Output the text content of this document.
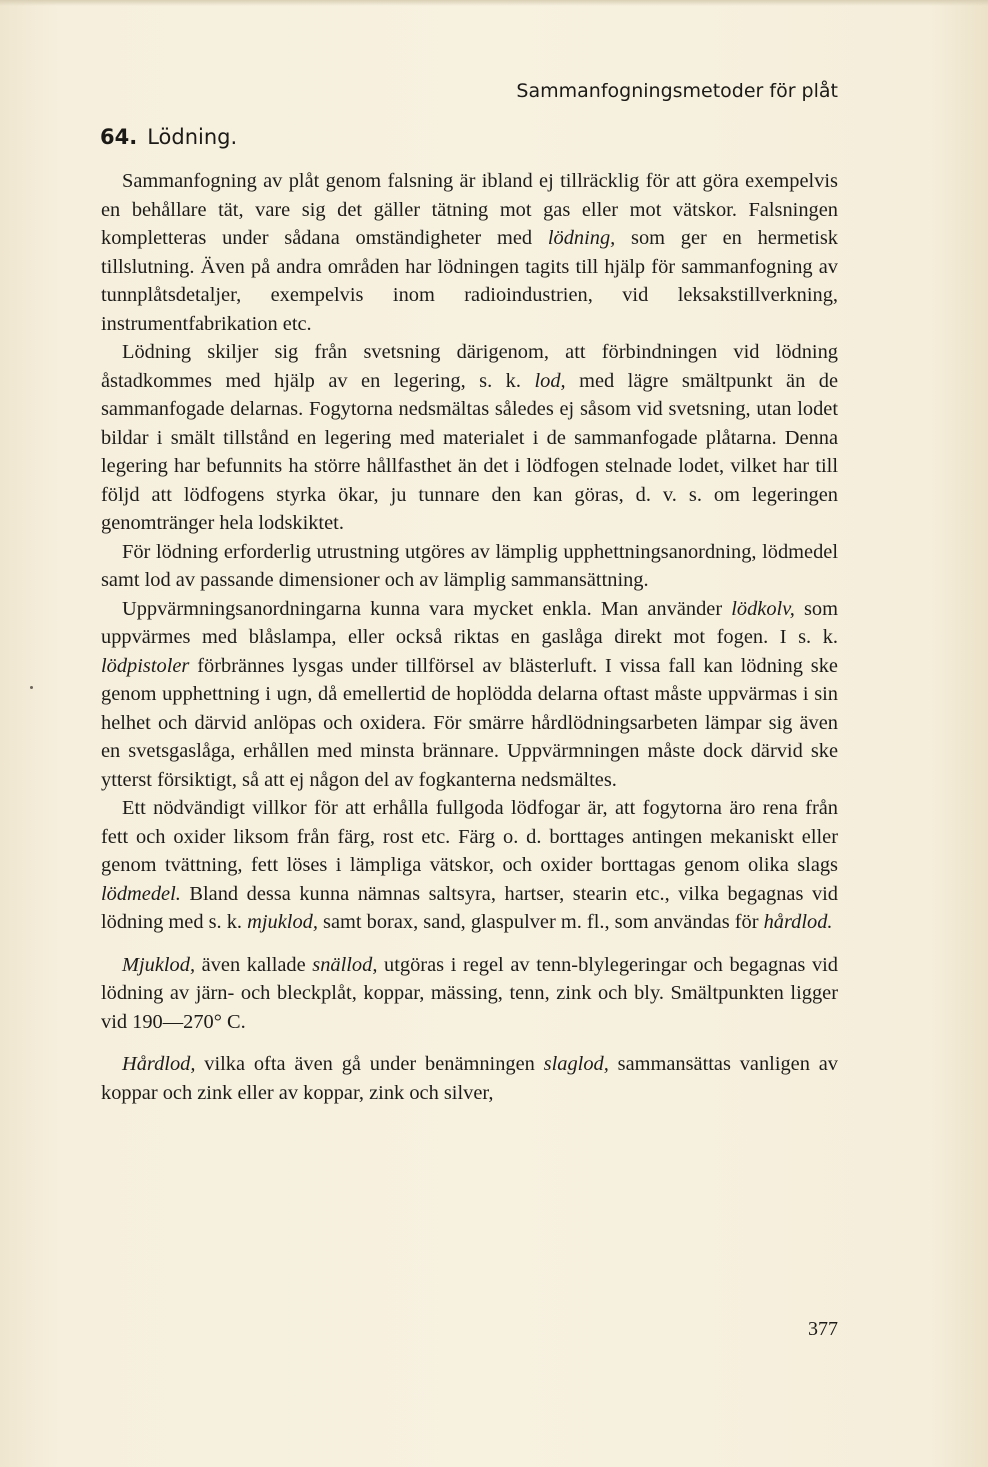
Sammanfogningsmetoder för plåt
64. Lödning.

Sammanfogning av plåt genom falsning är ibland ej tillräcklig för att göra exempelvis en behållare tät, vare sig det gäller tätning mot gas eller mot vätskor. Falsningen kompletteras under sådana omständigheter med lödning, som ger en hermetisk tillslutning. Även på andra områden har lödningen tagits till hjälp för sammanfogning av tunnplåtsdetaljer, exempelvis inom radioindustrien, vid leksakstillverkning, instrumentfabrikation etc.

Lödning skiljer sig från svetsning därigenom, att förbindningen vid lödning åstadkommes med hjälp av en legering, s. k. lod, med lägre smältpunkt än de sammanfogade delarnas. Fogytorna nedsmältas således ej såsom vid svetsning, utan lodet bildar i smält tillstånd en legering med materialet i de sammanfogade plåtarna. Denna legering har befunnits ha större hållfasthet än det i lödfogen stelnade lodet, vilket har till följd att lödfogens styrka ökar, ju tunnare den kan göras, d. v. s. om legeringen genomtränger hela lodskiktet.

För lödning erforderlig utrustning utgöres av lämplig upphettningsanordning, lödmedel samt lod av passande dimensioner och av lämplig sammansättning.

Uppvärmningsanordningarna kunna vara mycket enkla. Man använder lödkolv, som uppvärmes med blåslampa, eller också riktas en gaslåga direkt mot fogen. I s. k. lödpistoler förbrännes lysgas under tillförsel av blästerluft. I vissa fall kan lödning ske genom upphettning i ugn, då emellertid de hoplödda delarna oftast måste uppvärmas i sin helhet och därvid anlöpas och oxidera. För smärre hårdlödningsarbeten lämpar sig även en svetsgaslåga, erhållen med minsta brännare. Uppvärmningen måste dock därvid ske ytterst försiktigt, så att ej någon del av fogkanterna nedsmältes.

Ett nödvändigt villkor för att erhålla fullgoda lödfogar är, att fogytorna äro rena från fett och oxider liksom från färg, rost etc. Färg o. d. borttages antingen mekaniskt eller genom tvättning, fett löses i lämpliga vätskor, och oxider borttagas genom olika slags lödmedel. Bland dessa kunna nämnas saltsyra, hartser, stearin etc., vilka begagnas vid lödning med s. k. mjuklod, samt borax, sand, glaspulver m. fl., som användas för hårdlod.

Mjuklod, även kallade snällod, utgöras i regel av tenn-blylegeringar och begagnas vid lödning av järn- och bleckplåt, koppar, mässing, tenn, zink och bly. Smältpunkten ligger vid 190—270° C.

Hårdlod, vilka ofta även gå under benämningen slaglod, sammansättas vanligen av koppar och zink eller av koppar, zink och silver,

377
